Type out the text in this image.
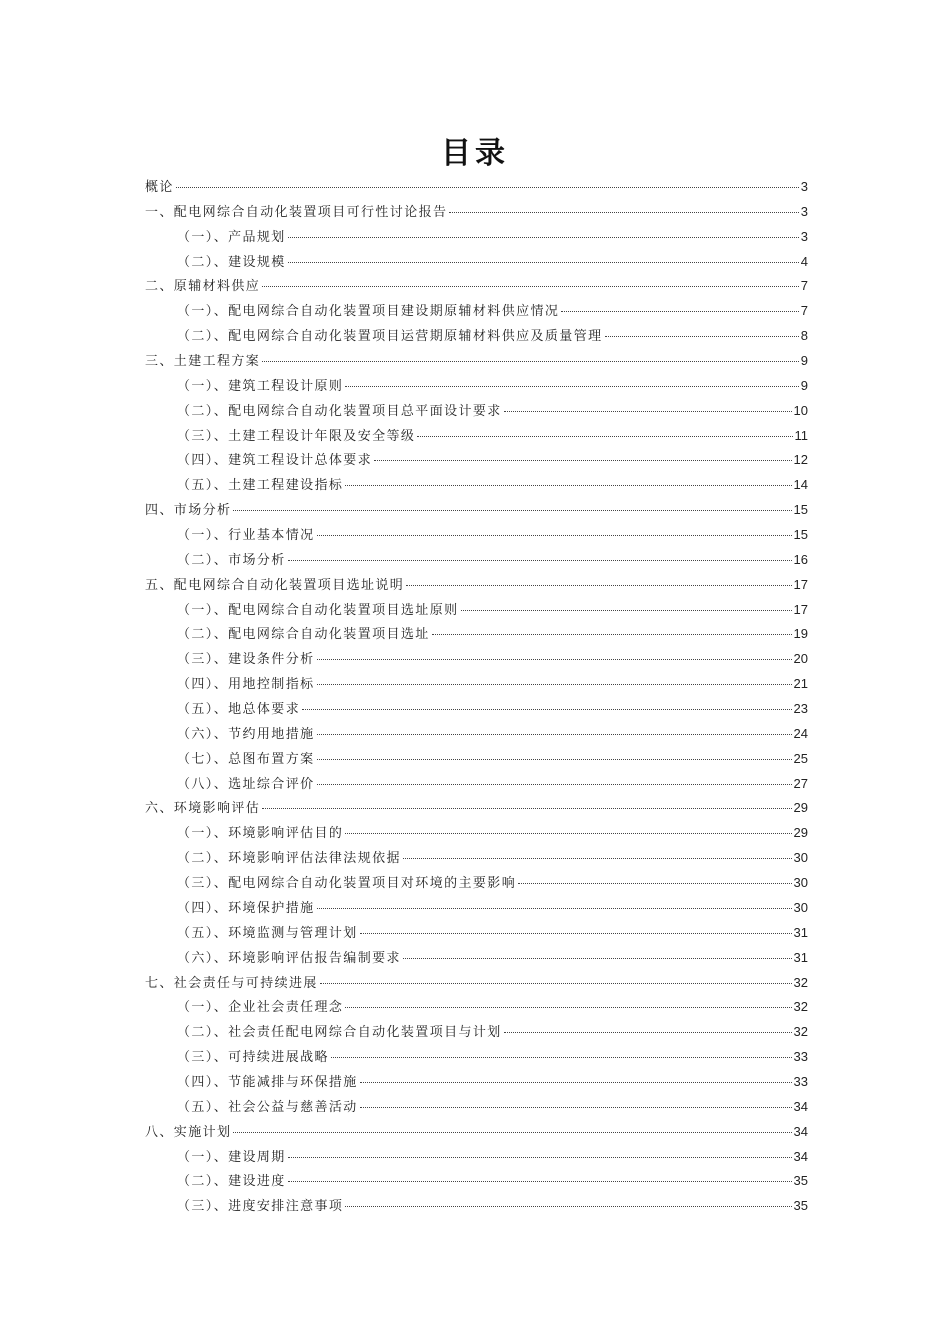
目录
概论	3
一、配电网综合自动化装置项目可行性讨论报告	3
（一）、产品规划	3
（二）、建设规模	4
二、原辅材料供应	7
（一）、配电网综合自动化装置项目建设期原辅材料供应情况	7
（二）、配电网综合自动化装置项目运营期原辅材料供应及质量管理	8
三、土建工程方案	9
（一）、建筑工程设计原则	9
（二）、配电网综合自动化装置项目总平面设计要求	10
（三）、土建工程设计年限及安全等级	11
（四）、建筑工程设计总体要求	12
（五）、土建工程建设指标	14
四、市场分析	15
（一）、行业基本情况	15
（二）、市场分析	16
五、配电网综合自动化装置项目选址说明	17
（一）、配电网综合自动化装置项目选址原则	17
（二）、配电网综合自动化装置项目选址	19
（三）、建设条件分析	20
（四）、用地控制指标	21
（五）、地总体要求	23
（六）、节约用地措施	24
（七）、总图布置方案	25
（八）、选址综合评价	27
六、环境影响评估	29
（一）、环境影响评估目的	29
（二）、环境影响评估法律法规依据	30
（三）、配电网综合自动化装置项目对环境的主要影响	30
（四）、环境保护措施	30
（五）、环境监测与管理计划	31
（六）、环境影响评估报告编制要求	31
七、社会责任与可持续进展	32
（一）、企业社会责任理念	32
（二）、社会责任配电网综合自动化装置项目与计划	32
（三）、可持续进展战略	33
（四）、节能减排与环保措施	33
（五）、社会公益与慈善活动	34
八、实施计划	34
（一）、建设周期	34
（二）、建设进度	35
（三）、进度安排注意事项	35
